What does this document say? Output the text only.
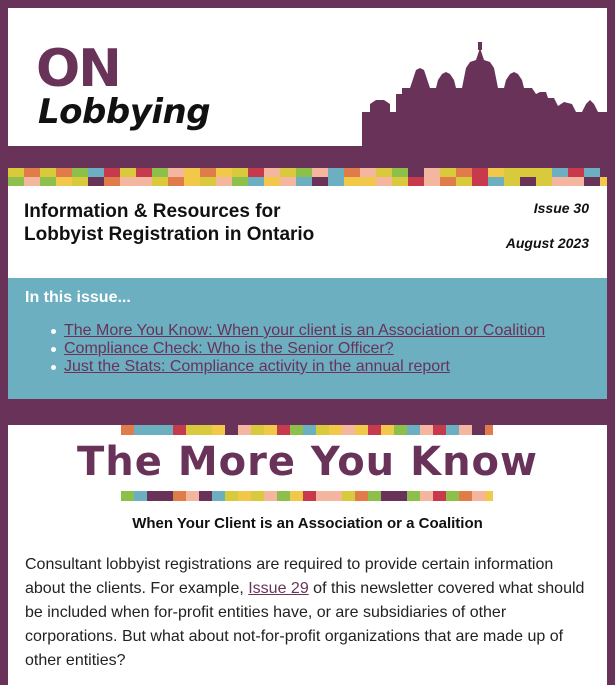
ON
Lobbying
Information & Resources for Lobbyist Registration in Ontario
Issue 30
August 2023
In this issue...
The More You Know: When your client is an Association or Coalition
Compliance Check: Who is the Senior Officer?
Just the Stats: Compliance activity in the annual report
The More You Know
When Your Client is an Association or a Coalition

Consultant lobbyist registrations are required to provide certain information about the clients. For example, Issue 29 of this newsletter covered what should be included when for-profit entities have, or are subsidiaries of other corporations. But what about not-for-profit organizations that are made up of other entities?
